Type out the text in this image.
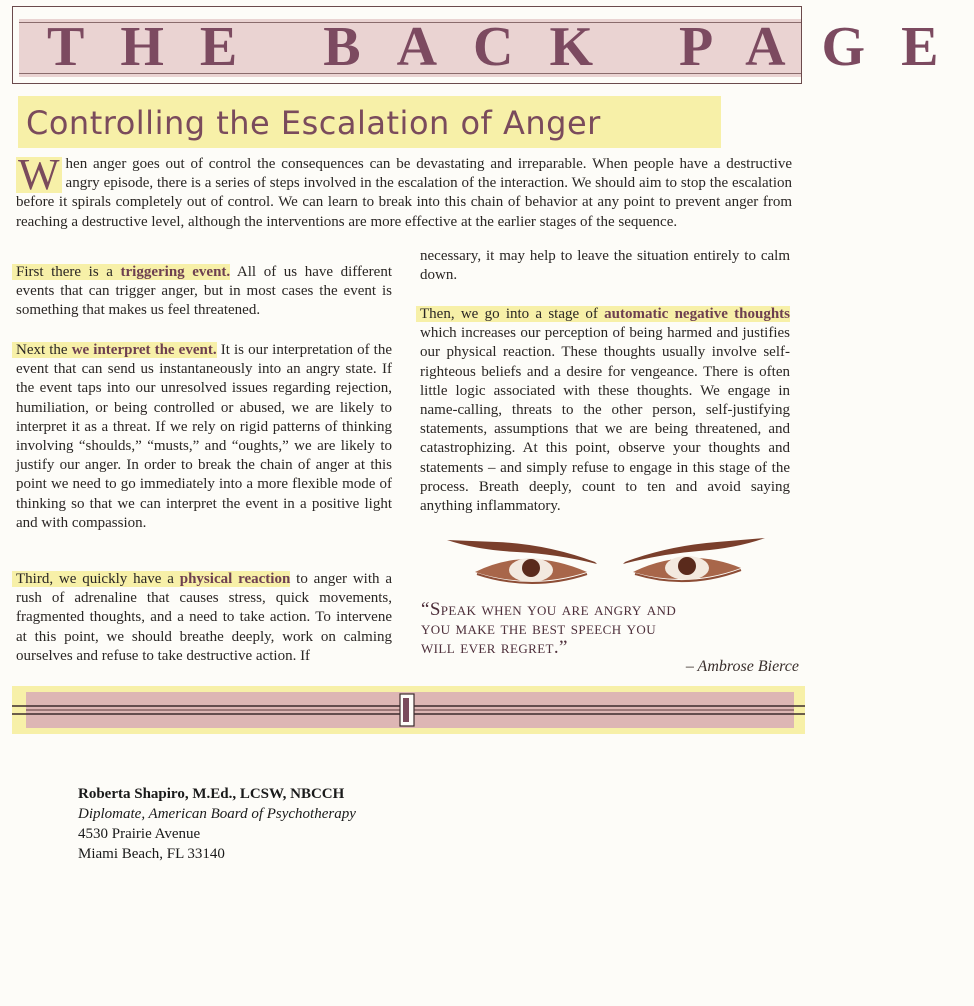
THE BACK PAGE
Controlling the Escalation of Anger
W hen anger goes out of control the consequences can be devastating and irreparable. When people have a destructive angry episode, there is a series of steps involved in the escalation of the interaction. We should aim to stop the escalation before it spirals completely out of control. We can learn to break into this chain of behavior at any point to prevent anger from reaching a destructive level, although the interventions are more effective at the earlier stages of the sequence.
First there is a triggering event. All of us have different events that can trigger anger, but in most cases the event is something that makes us feel threatened.
Next the we interpret the event. It is our interpretation of the event that can send us instantaneously into an angry state. If the event taps into our unresolved issues regarding rejection, humiliation, or being controlled or abused, we are likely to interpret it as a threat. If we rely on rigid patterns of thinking involving “shoulds,” “musts,” and “oughts,” we are likely to justify our anger. In order to break the chain of anger at this point we need to go immediately into a more flexible mode of thinking so that we can interpret the event in a positive light and with compassion.
Third, we quickly have a physical reaction to anger with a rush of adrenaline that causes stress, quick movements, fragmented thoughts, and a need to take action. To intervene at this point, we should breathe deeply, work on calming ourselves and refuse to take destructive action. If
necessary, it may help to leave the situation entirely to calm down.
Then, we go into a stage of automatic negative thoughts which increases our perception of being harmed and justifies our physical reaction. These thoughts usually involve self-righteous beliefs and a desire for vengeance. There is often little logic associated with these thoughts. We engage in name-calling, threats to the other person, self-justifying statements, assumptions that we are being threatened, and catastrophizing. At this point, observe your thoughts and statements – and simply refuse to engage in this stage of the process. Breath deeply, count to ten and avoid saying anything inflammatory.
“Speak when you are angry and
you make the best speech you
will ever regret.”
– Ambrose Bierce
Roberta Shapiro, M.Ed., LCSW, NBCCH
Diplomate, American Board of Psychotherapy
4530 Prairie Avenue
Miami Beach, FL 33140
